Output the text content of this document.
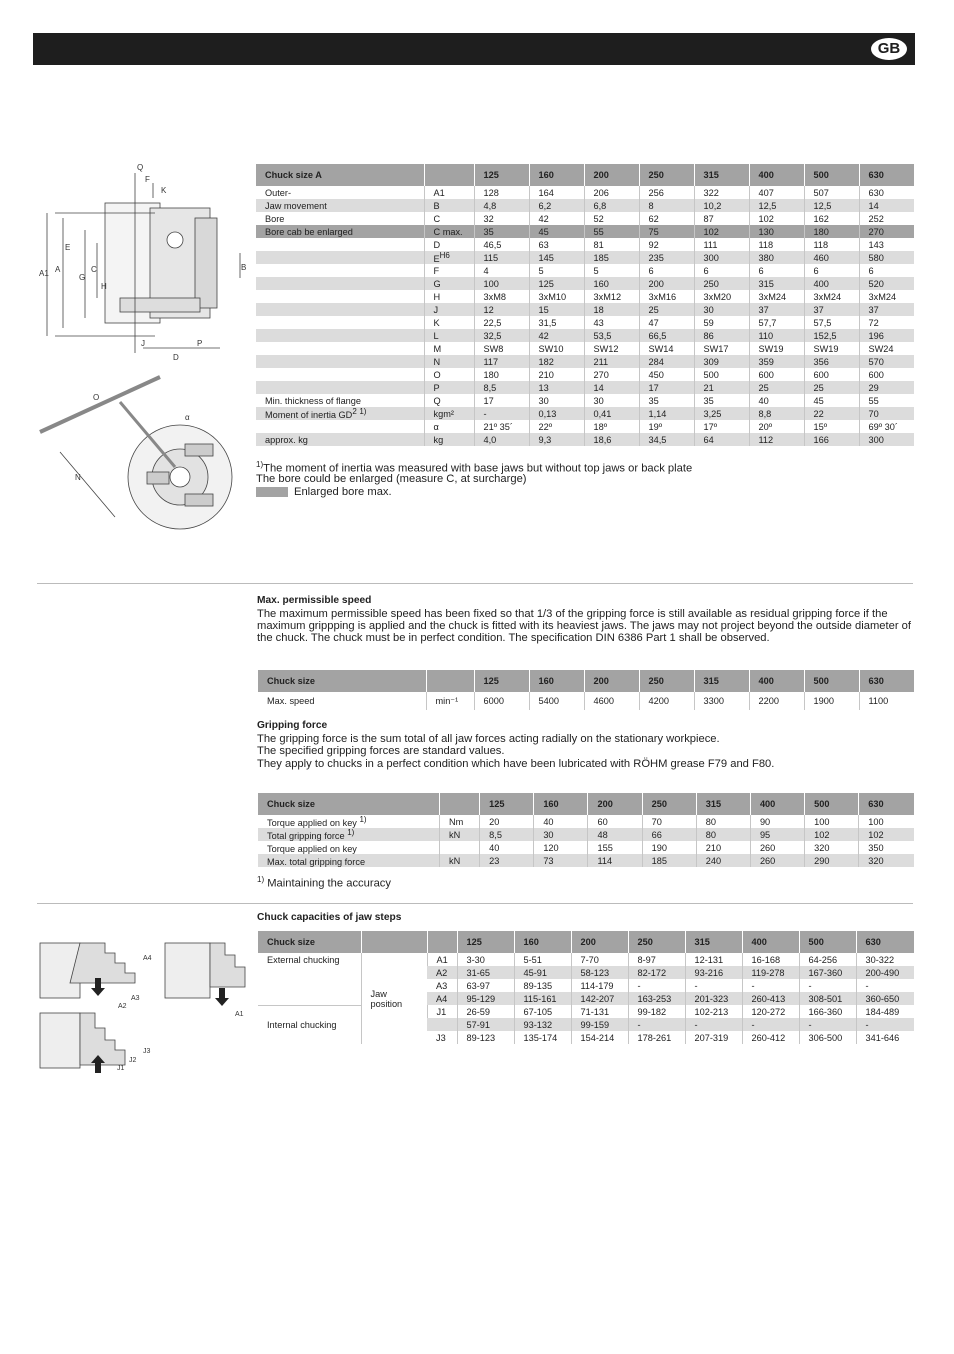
GB
Q
F
K
A1 A
E
G
C
H
B
J
D
P
O
N
α
Chuck size A		125	160	200	250	315	400	500	630
Outer-	A1	128	164	206	256	322	407	507	630
Jaw movement	B	4,8	6,2	6,8	8	10,2	12,5	12,5	14
Bore	C	32	42	52	62	87	102	162	252
Bore cab be enlarged	C max.	35	45	55	75	102	130	180	270
	D	46,5	63	81	92	111	118	118	143
	EH6	115	145	185	235	300	380	460	580
	F	4	5	5	6	6	6	6	6
	G	100	125	160	200	250	315	400	520
	H	3xM8	3xM10	3xM12	3xM16	3xM20	3xM24	3xM24	3xM24
	J	12	15	18	25	30	37	37	37
	K	22,5	31,5	43	47	59	57,7	57,5	72
	L	32,5	42	53,5	66,5	86	110	152,5	196
	M	SW8	SW10	SW12	SW14	SW17	SW19	SW19	SW24
	N	117	182	211	284	309	359	356	570
	O	180	210	270	450	500	600	600	600
	P	8,5	13	14	17	21	25	25	29
Min. thickness of flange	Q	17	30	30	35	35	40	45	55
Moment of inertia GD2 1)	kgm²	-	0,13	0,41	1,14	3,25	8,8	22	70
	α	21º 35´	22º	18º	19º	17º	20º	15º	69º 30´
approx. kg	kg	4,0	9,3	18,6	34,5	64	112	166	300
$^{1)}$The moment of inertia was measured with base jaws but without top jaws or back plate
The bore could be enlarged (measure C, at surcharge)
Enlarged bore max.
Max. permissible speed
The maximum permissible speed has been fixed so that 1/3 of the gripping force is still available as residual gripping force if the maximum grippping is applied and the chuck is fitted with its heaviest jaws. The jaws may not project beyond the outside diameter of the chuck. The chuck must be in perfect condition. The specification DIN 6386 Part 1 shall be observed.
Chuck size		125	160	200	250	315	400	500	630
Max. speed	min⁻¹	6000	5400	4600	4200	3300	2200	1900	1100
Gripping force
The gripping force is the sum total of all jaw forces acting radially on the stationary workpiece.
The specified gripping forces are standard values.
They apply to chucks in a perfect condition which have been lubricated with RÖHM grease F79 and F80.
Chuck size		125	160	200	250	315	400	500	630
Torque applied on key 1)	Nm	20	40	60	70	80	90	100	100
Total gripping force 1)	kN	8,5	30	48	66	80	95	102	102
Torque applied on key		40	120	155	190	210	260	320	350
Max. total gripping force	kN	23	73	114	185	240	260	290	320
$^{1)}$ Maintaining the accuracy
Chuck capacities of jaw steps
A4
A3
A2
A1
J3
J2
J1
Chuck size			125	160	200	250	315	400	500	630
External chucking	Jaw position	A1	3-30	5-51	7-70	8-97	12-131	16-168	64-256	30-322
		A2	31-65	45-91	58-123	82-172	93-216	119-278	167-360	200-490
		A3	63-97	89-135	114-179	-	-	-	-	-
		A4	95-129	115-161	142-207	163-253	201-323	260-413	308-501	360-650
Internal chucking		J1	26-59	67-105	71-131	99-182	102-213	120-272	166-360	184-489
			57-91	93-132	99-159	-	-	-	-	-
		J3	89-123	135-174	154-214	178-261	207-319	260-412	306-500	341-646
